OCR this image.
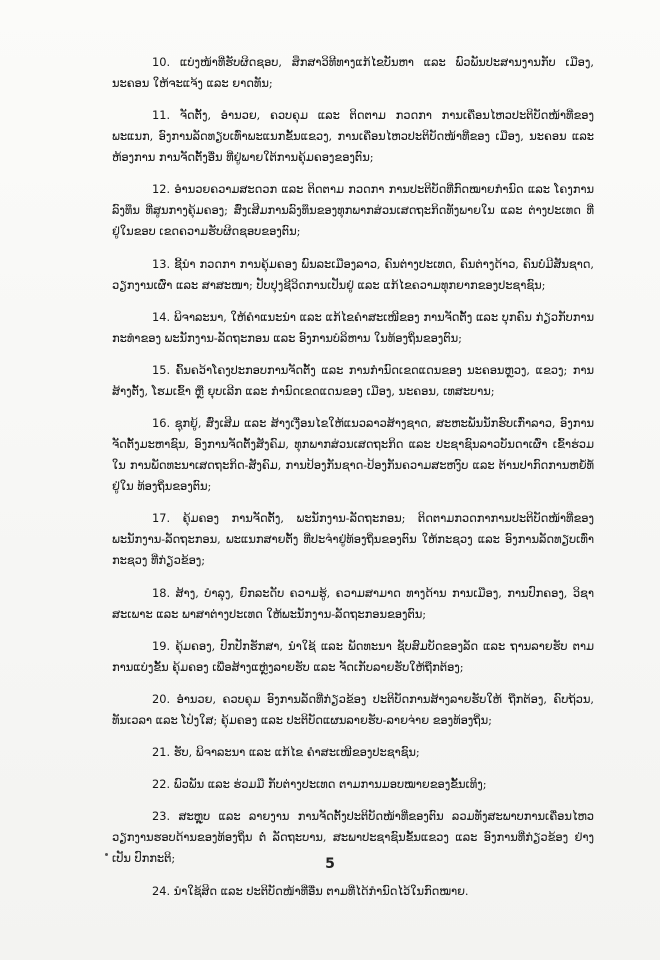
10. ແບ່ງໜ້າທີ່ຮັບຜິດຊອບ, ສຶກສາວິທີທາງແກ້ໄຂບັນຫາ ແລະ ພົວພັນປະສານງານກັບ ເມືອງ, ນະຄອນ ໃຫ້ຈະແຈ້ງ ແລະ ຍາດທັນ;

11. ຈັດຕັ້ງ, ອຳນວຍ, ຄວບຄຸມ ແລະ ຕິດຕາມ ກວດກາ ການເຄື່ອນໄຫວປະຕິບັດໜ້າທີ່ຂອງ ພະແນກ, ອົງການລັດທຽບເທົ່າພະແນກຂັ້ນແຂວງ, ການເຄື່ອນໄຫວປະຕິບັດໜ້າທີ່ຂອງ ເມືອງ, ນະຄອນ ແລະ ຫ້ອງການ ການຈັດຕັ້ງອື່ນ ທີ່ຢູ່ພາຍໃຕ້ການຄຸ້ມຄອງຂອງຕົນ;

12. ອຳນວຍຄວາມສະດວກ ແລະ ຕິດຕາມ ກວດກາ ການປະຕິບັດທີ່ກົດໝາຍກຳນົດ ແລະ ໂຄງການລົງທຶນ ທີ່ສູນກາງຄຸ້ມຄອງ; ສົ່ງເສີມການລົງທຶນຂອງທຸກພາກສ່ວນເສດຖະກິດທັງພາຍໃນ ແລະ ຕ່າງປະເທດ ທີ່ຢູ່ໃນຂອບ ເຂດຄວາມຮັບຜິດຊອບຂອງຕົນ;

13. ຊີ້ນຳ ກວດກາ ການຄຸ້ມຄອງ ພົນລະເມືອງລາວ, ຄົນຕ່າງປະເທດ, ຄົນຕ່າງດ້າວ, ຄົນບໍ່ມີສັນຊາດ, ວຽກງານເຜົ່າ ແລະ ສາສະໜາ; ປັບປຸງຊີວິດການເປັນຢູ່ ແລະ ແກ້ໄຂຄວາມທຸກຍາກຂອງປະຊາຊົນ;

14. ພິຈາລະນາ, ໃຫ້ຄຳແນະນຳ ແລະ ແກ້ໄຂຄຳສະເໜີຂອງ ການຈັດຕັ້ງ ແລະ ບຸກຄົນ ກ່ຽວກັບການ ກະທຳຂອງ ພະນັກງານ-ລັດຖະກອນ ແລະ ອົງການບໍລິຫານ ໃນທ້ອງຖິ່ນຂອງຕົນ;

15. ຄົ້ນຄວ້າໂຄງປະກອບການຈັດຕັ້ງ ແລະ ການກຳນົດເຂດແດນຂອງ ນະຄອນຫຼວງ, ແຂວງ; ການສ້າງຕັ້ງ, ໂຮມເຂົ້າ ຫຼື ຍຸບເລີກ ແລະ ກຳນົດເຂດແດນຂອງ ເມືອງ, ນະຄອນ, ເທສະບານ;

16. ຊຸກຍູ້, ສົ່ງເສີມ ແລະ ສ້າງເງື່ອນໄຂໃຫ້ແນວລາວສ້າງຊາດ, ສະຫະພັນນັກຮົບເກົ່າລາວ, ອົງການ ຈັດຕັ້ງມະຫາຊົນ, ອົງການຈັດຕັ້ງສັງຄົມ, ທຸກພາກສ່ວນເສດຖະກິດ ແລະ ປະຊາຊົນລາວບັນດາເຜົ່າ ເຂົ້າຮ່ວມໃນ ການພັດທະນາເສດຖະກິດ-ສັງຄົມ, ການປ້ອງກັນຊາດ-ປ້ອງກັນຄວາມສະຫງົບ ແລະ ຕ້ານປາກົດການຫຍໍ້ທໍ້ ຢູ່ໃນ ທ້ອງຖິ່ນຂອງຕົນ;

17. ຄຸ້ມຄອງ ການຈັດຕັ້ງ, ພະນັກງານ-ລັດຖະກອນ; ຕິດຕາມກວດກາການປະຕິບັດໜ້າທີ່ຂອງ ພະນັກງານ-ລັດຖະກອນ, ພະແນກສາຍຕັ້ງ ທີ່ປະຈຳຢູ່ທ້ອງຖິ່ນຂອງຕົນ ໃຫ້ກະຊວງ ແລະ ອົງການລັດທຽບເທົ່າ ກະຊວງ ທີ່ກ່ຽວຂ້ອງ;

18. ສ້າງ, ບຳລຸງ, ຍົກລະດັບ ຄວາມຮູ້, ຄວາມສາມາດ ທາງດ້ານ ການເມືອງ, ການປົກຄອງ, ວິຊາສະເພາະ ແລະ ພາສາຕ່າງປະເທດ ໃຫ້ພະນັກງານ-ລັດຖະກອນຂອງຕົນ;

19. ຄຸ້ມຄອງ, ປົກປັກຮັກສາ, ນຳໃຊ້ ແລະ ພັດທະນາ ຊັບສົມບັດຂອງລັດ ແລະ ຖານລາຍຮັບ ຕາມການແບ່ງຂັ້ນ ຄຸ້ມຄອງ ເພື່ອສ້າງແຫຼ່ງລາຍຮັບ ແລະ ຈັດເກັບລາຍຮັບໃຫ້ຖືກຕ້ອງ;

20. ອຳນວຍ, ຄວບຄຸມ ອົງການລັດທີ່ກ່ຽວຂ້ອງ ປະຕິບັດການສ້າງລາຍຮັບໃຫ້ ຖືກຕ້ອງ, ຄົບຖ້ວນ, ທັນເວລາ ແລະ ໂປ່ງໃສ; ຄຸ້ມຄອງ ແລະ ປະຕິບັດແຜນລາຍຮັບ-ລາຍຈ່າຍ ຂອງທ້ອງຖິ່ນ;

21. ຮັບ, ພິຈາລະນາ ແລະ ແກ້ໄຂ ຄຳສະເໜີຂອງປະຊາຊົນ;

22. ພົວພັນ ແລະ ຮ່ວມມື ກັບຕ່າງປະເທດ ຕາມການມອບໝາຍຂອງຂັ້ນເທິງ;

23. ສະຫຼຸບ ແລະ ລາຍງານ ການຈັດຕັ້ງປະຕິບັດໜ້າທີ່ຂອງຕົນ ລວມທັງສະພາບການເຄື່ອນໄຫວ ວຽກງານຮອບດ້ານຂອງທ້ອງຖິ່ນ ຕໍ່ ລັດຖະບານ, ສະພາປະຊາຊົນຂັ້ນແຂວງ ແລະ ອົງການທີ່ກ່ຽວຂ້ອງ ຢ່າງເປັນ ປົກກະຕິ;

24. ນຳໃຊ້ສິດ ແລະ ປະຕິບັດໜ້າທີ່ອື່ນ ຕາມທີ່ໄດ້ກຳນົດໄວ້ໃນກົດໝາຍ.

5
